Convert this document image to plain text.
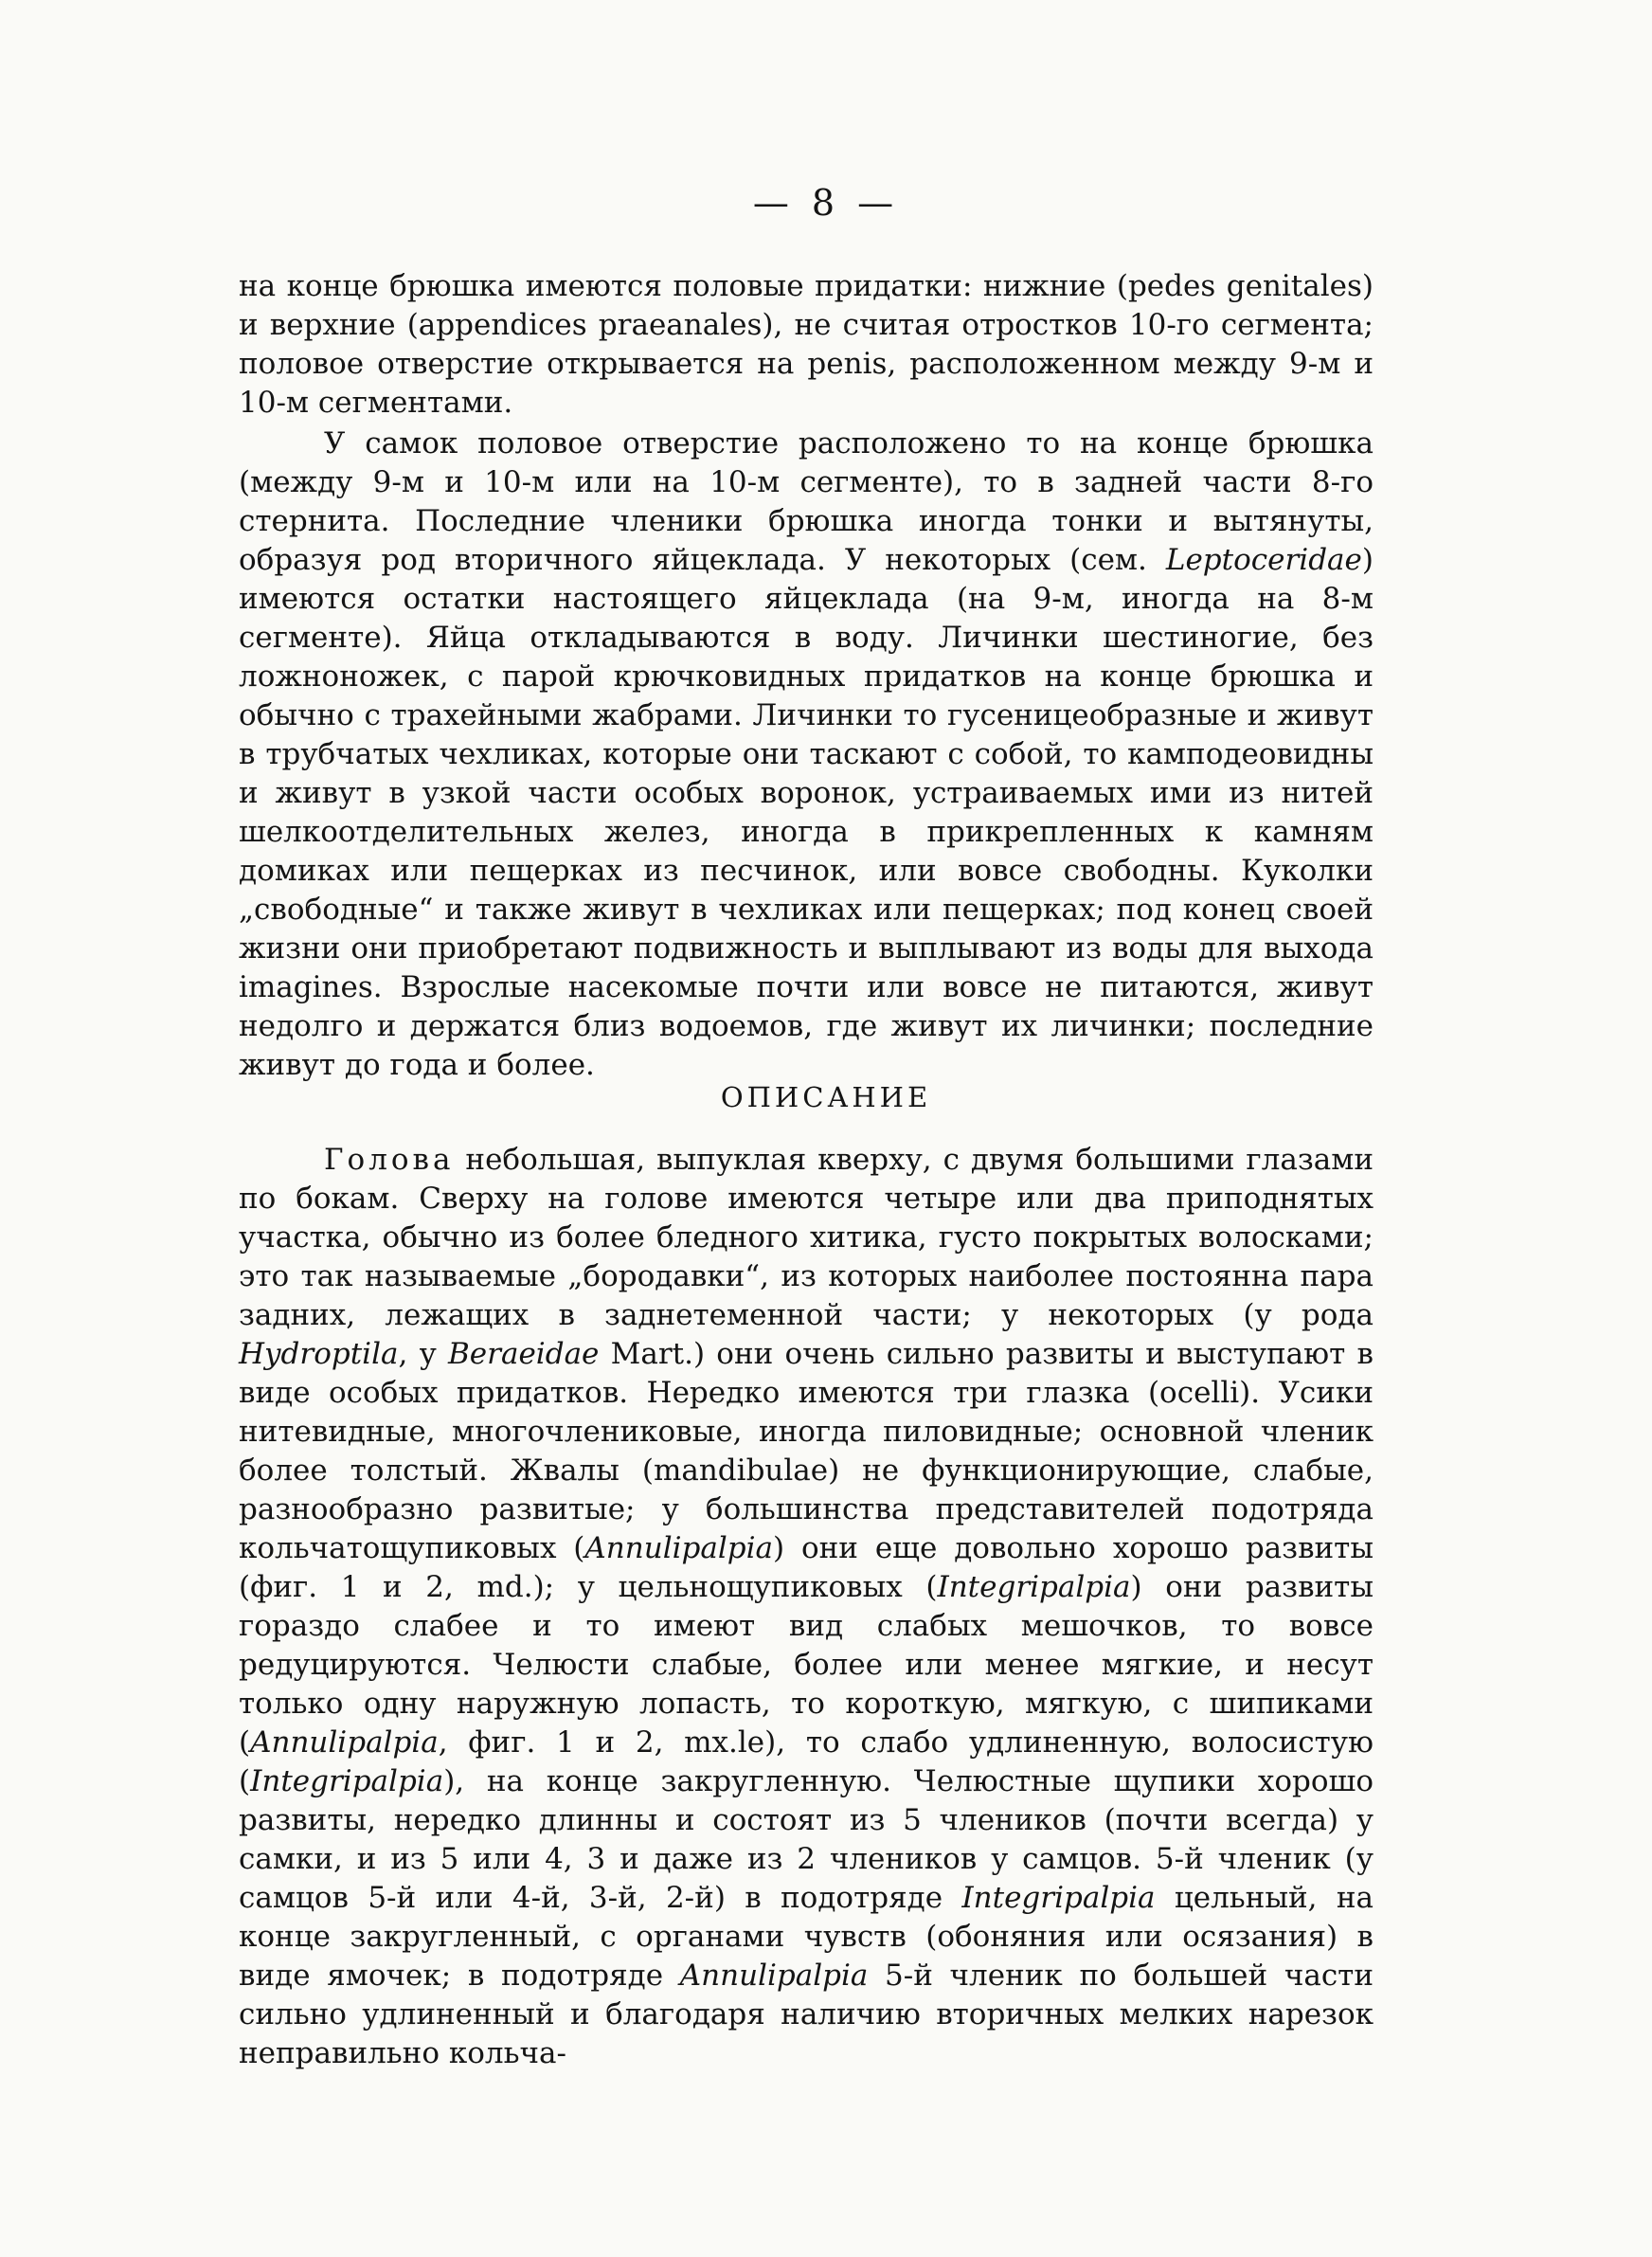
— 8 —

на конце брюшка имеются половые придатки: нижние (pedes genitales) и верхние (appendices praeanales), не считая отростков 10-го сегмента; половое отверстие открывается на penis, расположенном между 9-м и 10-м сегментами.

У самок половое отверстие расположено то на конце брюшка (между 9-м и 10-м или на 10-м сегменте), то в задней части 8-го стернита. Последние членики брюшка иногда тонки и вытянуты, образуя род вторичного яйцеклада. У некоторых (сем. Leptoceridae) имеются остатки настоящего яйцеклада (на 9-м, иногда на 8-м сегменте). Яйца откладываются в воду. Личинки шестиногие, без ложноножек, с парой крючковидных придатков на конце брюшка и обычно с трахейными жабрами. Личинки то гусеницеобразные и живут в трубчатых чехликах, которые они таскают с собой, то камподеовидны и живут в узкой части особых воронок, устраиваемых ими из нитей шелкоотделительных желез, иногда в прикрепленных к камням домиках или пещерках из песчинок, или вовсе свободны. Куколки „свободные“ и также живут в чехликах или пещерках; под конец своей жизни они приобретают подвижность и выплывают из воды для выхода imagines. Взрослые насекомые почти или вовсе не питаются, живут недолго и держатся близ водоемов, где живут их личинки; последние живут до года и более.

ОПИСАНИЕ

Голова небольшая, выпуклая кверху, с двумя большими глазами по бокам. Сверху на голове имеются четыре или два приподнятых участка, обычно из более бледного хитика, густо покрытых волосками; это так называемые „бородавки“, из которых наиболее постоянна пара задних, лежащих в заднетеменной части; у некоторых (у рода Hydroptila, у Beraeidae Mart.) они очень сильно развиты и выступают в виде особых придатков. Нередко имеются три глазка (ocelli). Усики нитевидные, многочлениковые, иногда пиловидные; основной членик более толстый. Жвалы (mandibulae) не функционирующие, слабые, разнообразно развитые; у большинства представителей подотряда кольчатощупиковых (Annulipalpia) они еще довольно хорошо развиты (фиг. 1 и 2, md.); у цельнощупиковых (Integripalpia) они развиты гораздо слабее и то имеют вид слабых мешочков, то вовсе редуцируются. Челюсти слабые, более или менее мягкие, и несут только одну наружную лопасть, то короткую, мягкую, с шипиками (Annulipalpia, фиг. 1 и 2, mx.le), то слабо удлиненную, волосистую (Integripalpia), на конце закругленную. Челюстные щупики хорошо развиты, нередко длинны и состоят из 5 члеников (почти всегда) у самки, и из 5 или 4, 3 и даже из 2 члеников у самцов. 5-й членик (у самцов 5-й или 4-й, 3-й, 2-й) в подотряде Integripalpia цельный, на конце закругленный, с органами чувств (обоняния или осязания) в виде ямочек; в подотряде Annulipalpia 5-й членик по большей части сильно удлиненный и благодаря наличию вторичных мелких нарезок неправильно кольча-
